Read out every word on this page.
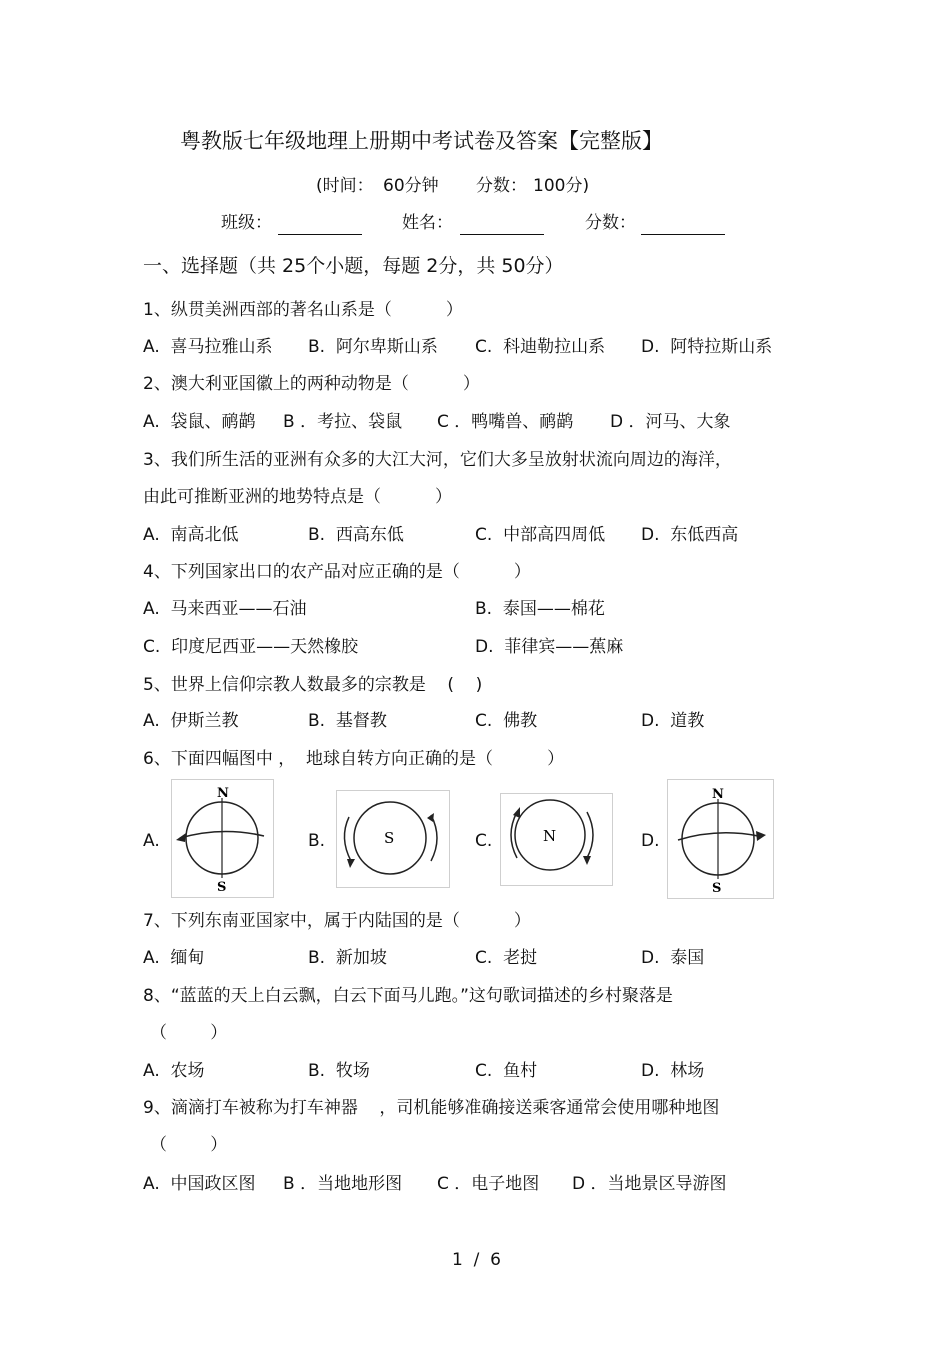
粤教版七年级地理上册期中考试卷及答案【完整版】
(时间： 60分钟 分数： 100分)
班级：	姓名：	分数：
一、选择题（共 25个小题，每题 2分，共 50分）
1、纵贯美洲西部的著名山系是（          ）
A.  喜马拉雅山系 B.  阿尔卑斯山系 C.  科迪勒拉山系 D.  阿特拉斯山系
2、澳大利亚国徽上的两种动物是（          ）
A.  袋鼠、鸸鹋 B ．考拉、袋鼠 C ．鸭嘴兽、鸸鹋 D ．河马、大象
3、我们所生活的亚洲有众多的大江大河，它们大多呈放射状流向周边的海洋，
由此可推断亚洲的地势特点是（          ）
A.  南高北低	B.  西高东低	C.  中部高四周低 D.  东低西高
4、下列国家出口的农产品对应正确的是（          ）
A.  马来西亚——石油	B.  泰国——棉花
C.  印度尼西亚——天然橡胶	D.  菲律宾——蕉麻
5、世界上信仰宗教人数最多的宗教是    (    )
A.  伊斯兰教	B.  基督教	C.  佛教	D.  道教
6、下面四幅图中 ，  地球自转方向正确的是（          ）
A.	B.	C.	D.
N
S
S	N
N
S
7、下列东南亚国家中，属于内陆国的是（          ）
A.  缅甸	B.  新加坡	C.  老挝	D.  泰国
8、“蓝蓝的天上白云飘，白云下面马儿跑。”这句歌词描述的乡村聚落是
（        ）
A.  农场	B.  牧场	C.  鱼村	D.  林场
9、滴滴打车被称为打车神器    ，司机能够准确接送乘客通常会使用哪种地图
（        ）
A.  中国政区图 B ．当地地形图 C ．电子地图 D ．当地景区导游图
1  /  6
